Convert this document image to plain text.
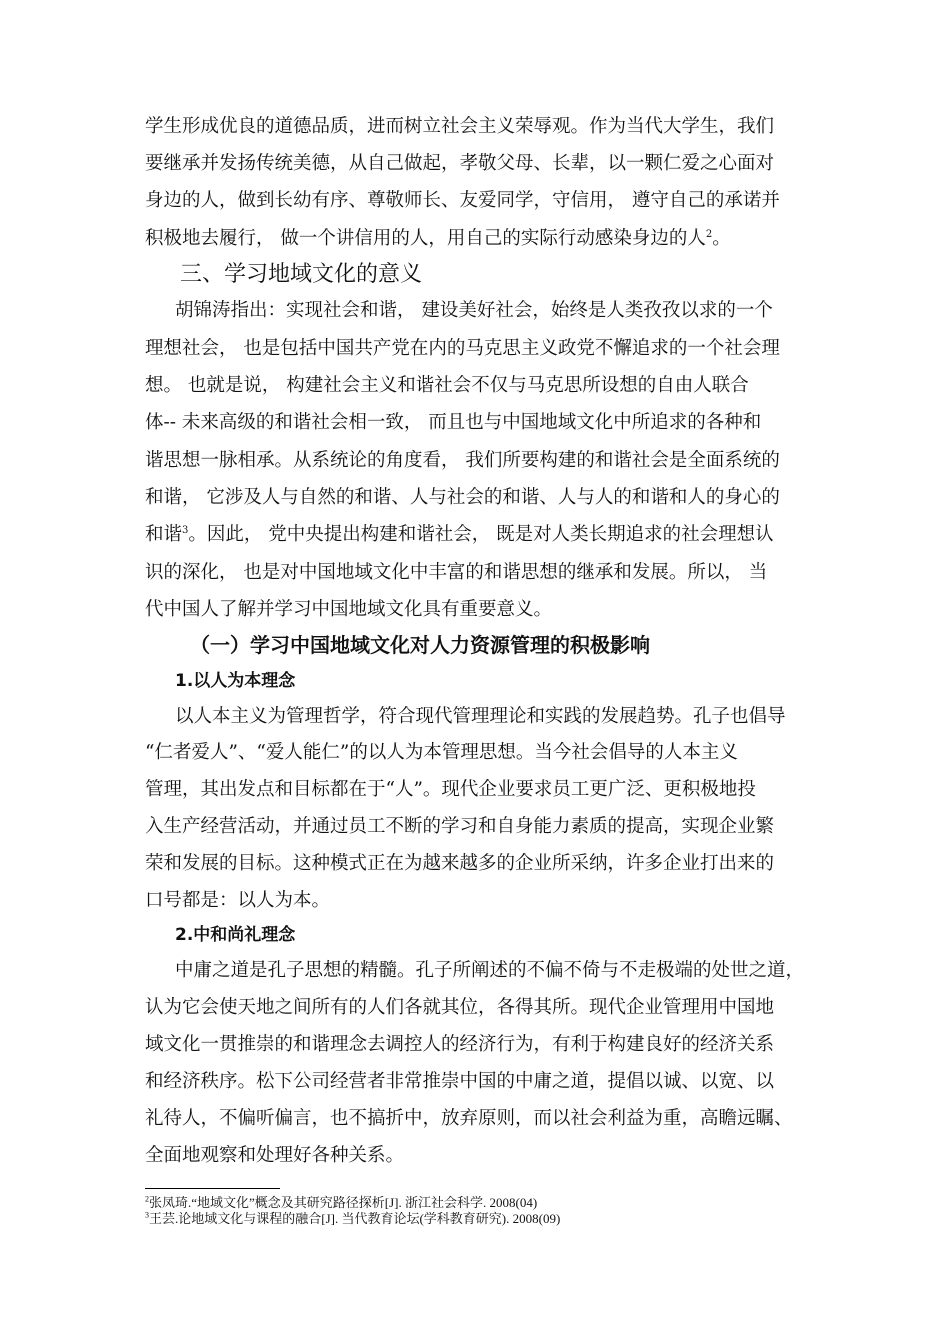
学生形成优良的道德品质，进而树立社会主义荣辱观。作为当代大学生，我们
要继承并发扬传统美德，从自己做起，孝敬父母、长辈，以一颗仁爱之心面对
身边的人，做到长幼有序、尊敬师长、友爱同学，守信用， 遵守自己的承诺并
积极地去履行， 做一个讲信用的人，用自己的实际行动感染身边的人$^2$。
三、学习地域文化的意义
胡锦涛指出：实现社会和谐， 建设美好社会，始终是人类孜孜以求的一个
理想社会， 也是包括中国共产党在内的马克思主义政党不懈追求的一个社会理
想。 也就是说， 构建社会主义和谐社会不仅与马克思所设想的自由人联合
体-- 未来高级的和谐社会相一致， 而且也与中国地域文化中所追求的各种和
谐思想一脉相承。从系统论的角度看， 我们所要构建的和谐社会是全面系统的
和谐， 它涉及人与自然的和谐、人与社会的和谐、人与人的和谐和人的身心的
和谐$^3$。因此， 党中央提出构建和谐社会， 既是对人类长期追求的社会理想认
识的深化， 也是对中国地域文化中丰富的和谐思想的继承和发展。所以， 当
代中国人了解并学习中国地域文化具有重要意义。
（一）学习中国地域文化对人力资源管理的积极影响
1.以人为本理念
以人本主义为管理哲学，符合现代管理理论和实践的发展趋势。孔子也倡导
“仁者爱人”、“爱人能仁”的以人为本管理思想。当今社会倡导的人本主义
管理，其出发点和目标都在于“人”。现代企业要求员工更广泛、更积极地投
入生产经营活动，并通过员工不断的学习和自身能力素质的提高，实现企业繁
荣和发展的目标。这种模式正在为越来越多的企业所采纳，许多企业打出来的
口号都是：以人为本。
2.中和尚礼理念
中庸之道是孔子思想的精髓。孔子所阐述的不偏不倚与不走极端的处世之道，
认为它会使天地之间所有的人们各就其位，各得其所。现代企业管理用中国地
域文化一贯推崇的和谐理念去调控人的经济行为，有利于构建良好的经济关系
和经济秩序。松下公司经营者非常推崇中国的中庸之道，提倡以诚、以宽、以
礼待人，不偏听偏言，也不搞折中，放弃原则，而以社会利益为重，高瞻远瞩、
全面地观察和处理好各种关系。
$^2$张凤琦.“地域文化”概念及其研究路径探析[J]. 浙江社会科学. 2008(04)
$^3$王芸.论地域文化与课程的融合[J]. 当代教育论坛(学科教育研究). 2008(09)
